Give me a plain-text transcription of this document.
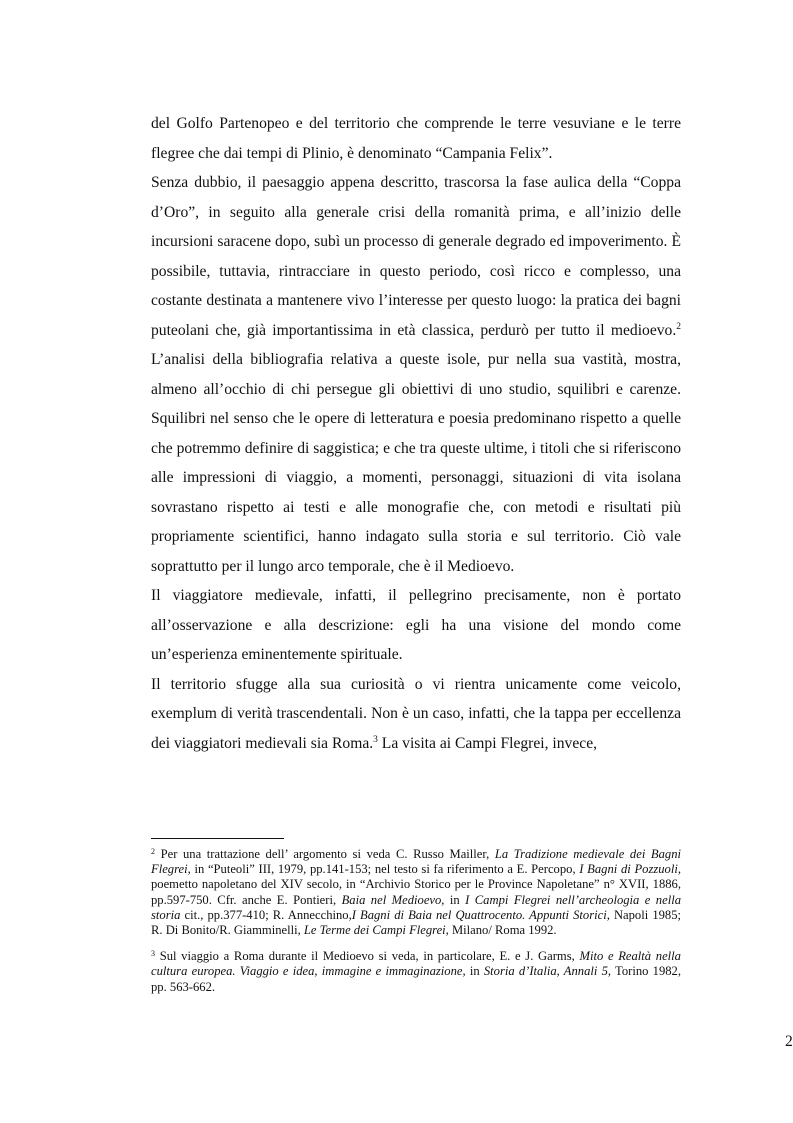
del Golfo Partenopeo e del territorio che comprende le terre vesuviane e le terre flegree che dai tempi di Plinio, è denominato “Campania Felix”.

Senza dubbio, il paesaggio appena descritto, trascorsa la fase aulica della “Coppa d’Oro”, in seguito alla generale crisi della romanità prima, e all’inizio delle incursioni saracene dopo, subì un processo di generale degrado ed impoverimento. È possibile, tuttavia, rintracciare in questo periodo, così ricco e complesso, una costante destinata a mantenere vivo l’interesse per questo luogo: la pratica dei bagni puteolani che, già importantissima in età classica, perdurò per tutto il medioevo.$^2$ L’analisi della bibliografia relativa a queste isole, pur nella sua vastità, mostra, almeno all’occhio di chi persegue gli obiettivi di uno studio, squilibri e carenze. Squilibri nel senso che le opere di letteratura e poesia predominano rispetto a quelle che potremmo definire di saggistica; e che tra queste ultime, i titoli che si riferiscono alle impressioni di viaggio, a momenti, personaggi, situazioni di vita isolana sovrastano rispetto ai testi e alle monografie che, con metodi e risultati più propriamente scientifici, hanno indagato sulla storia e sul territorio. Ciò vale soprattutto per il lungo arco temporale, che è il Medioevo.

Il viaggiatore medievale, infatti, il pellegrino precisamente, non è portato all’osservazione e alla descrizione: egli ha una visione del mondo come un’esperienza eminentemente spirituale.

Il territorio sfugge alla sua curiosità o vi rientra unicamente come veicolo, exemplum di verità trascendentali. Non è un caso, infatti, che la tappa per eccellenza dei viaggiatori medievali sia Roma.$^3$ La visita ai Campi Flegrei, invece,

$^2$ Per una trattazione dell’ argomento si veda C. Russo Mailler, La Tradizione medievale dei Bagni Flegrei, in “Puteoli” III, 1979, pp.141-153; nel testo si fa riferimento a E. Percopo, I Bagni di Pozzuoli, poemetto napoletano del XIV secolo, in “Archivio Storico per le Province Napoletane” n° XVII, 1886, pp.597-750. Cfr. anche E. Pontieri, Baia nel Medioevo, in I Campi Flegrei nell’archeologia e nella storia cit., pp.377-410; R. Annecchino,I Bagni di Baia nel Quattrocento. Appunti Storici, Napoli 1985; R. Di Bonito/R. Giamminelli, Le Terme dei Campi Flegrei, Milano/ Roma 1992.

$^3$ Sul viaggio a Roma durante il Medioevo si veda, in particolare, E. e J. Garms, Mito e Realtà nella cultura europea. Viaggio e idea, immagine e immaginazione, in Storia d’Italia, Annali 5, Torino 1982, pp. 563-662.

2
